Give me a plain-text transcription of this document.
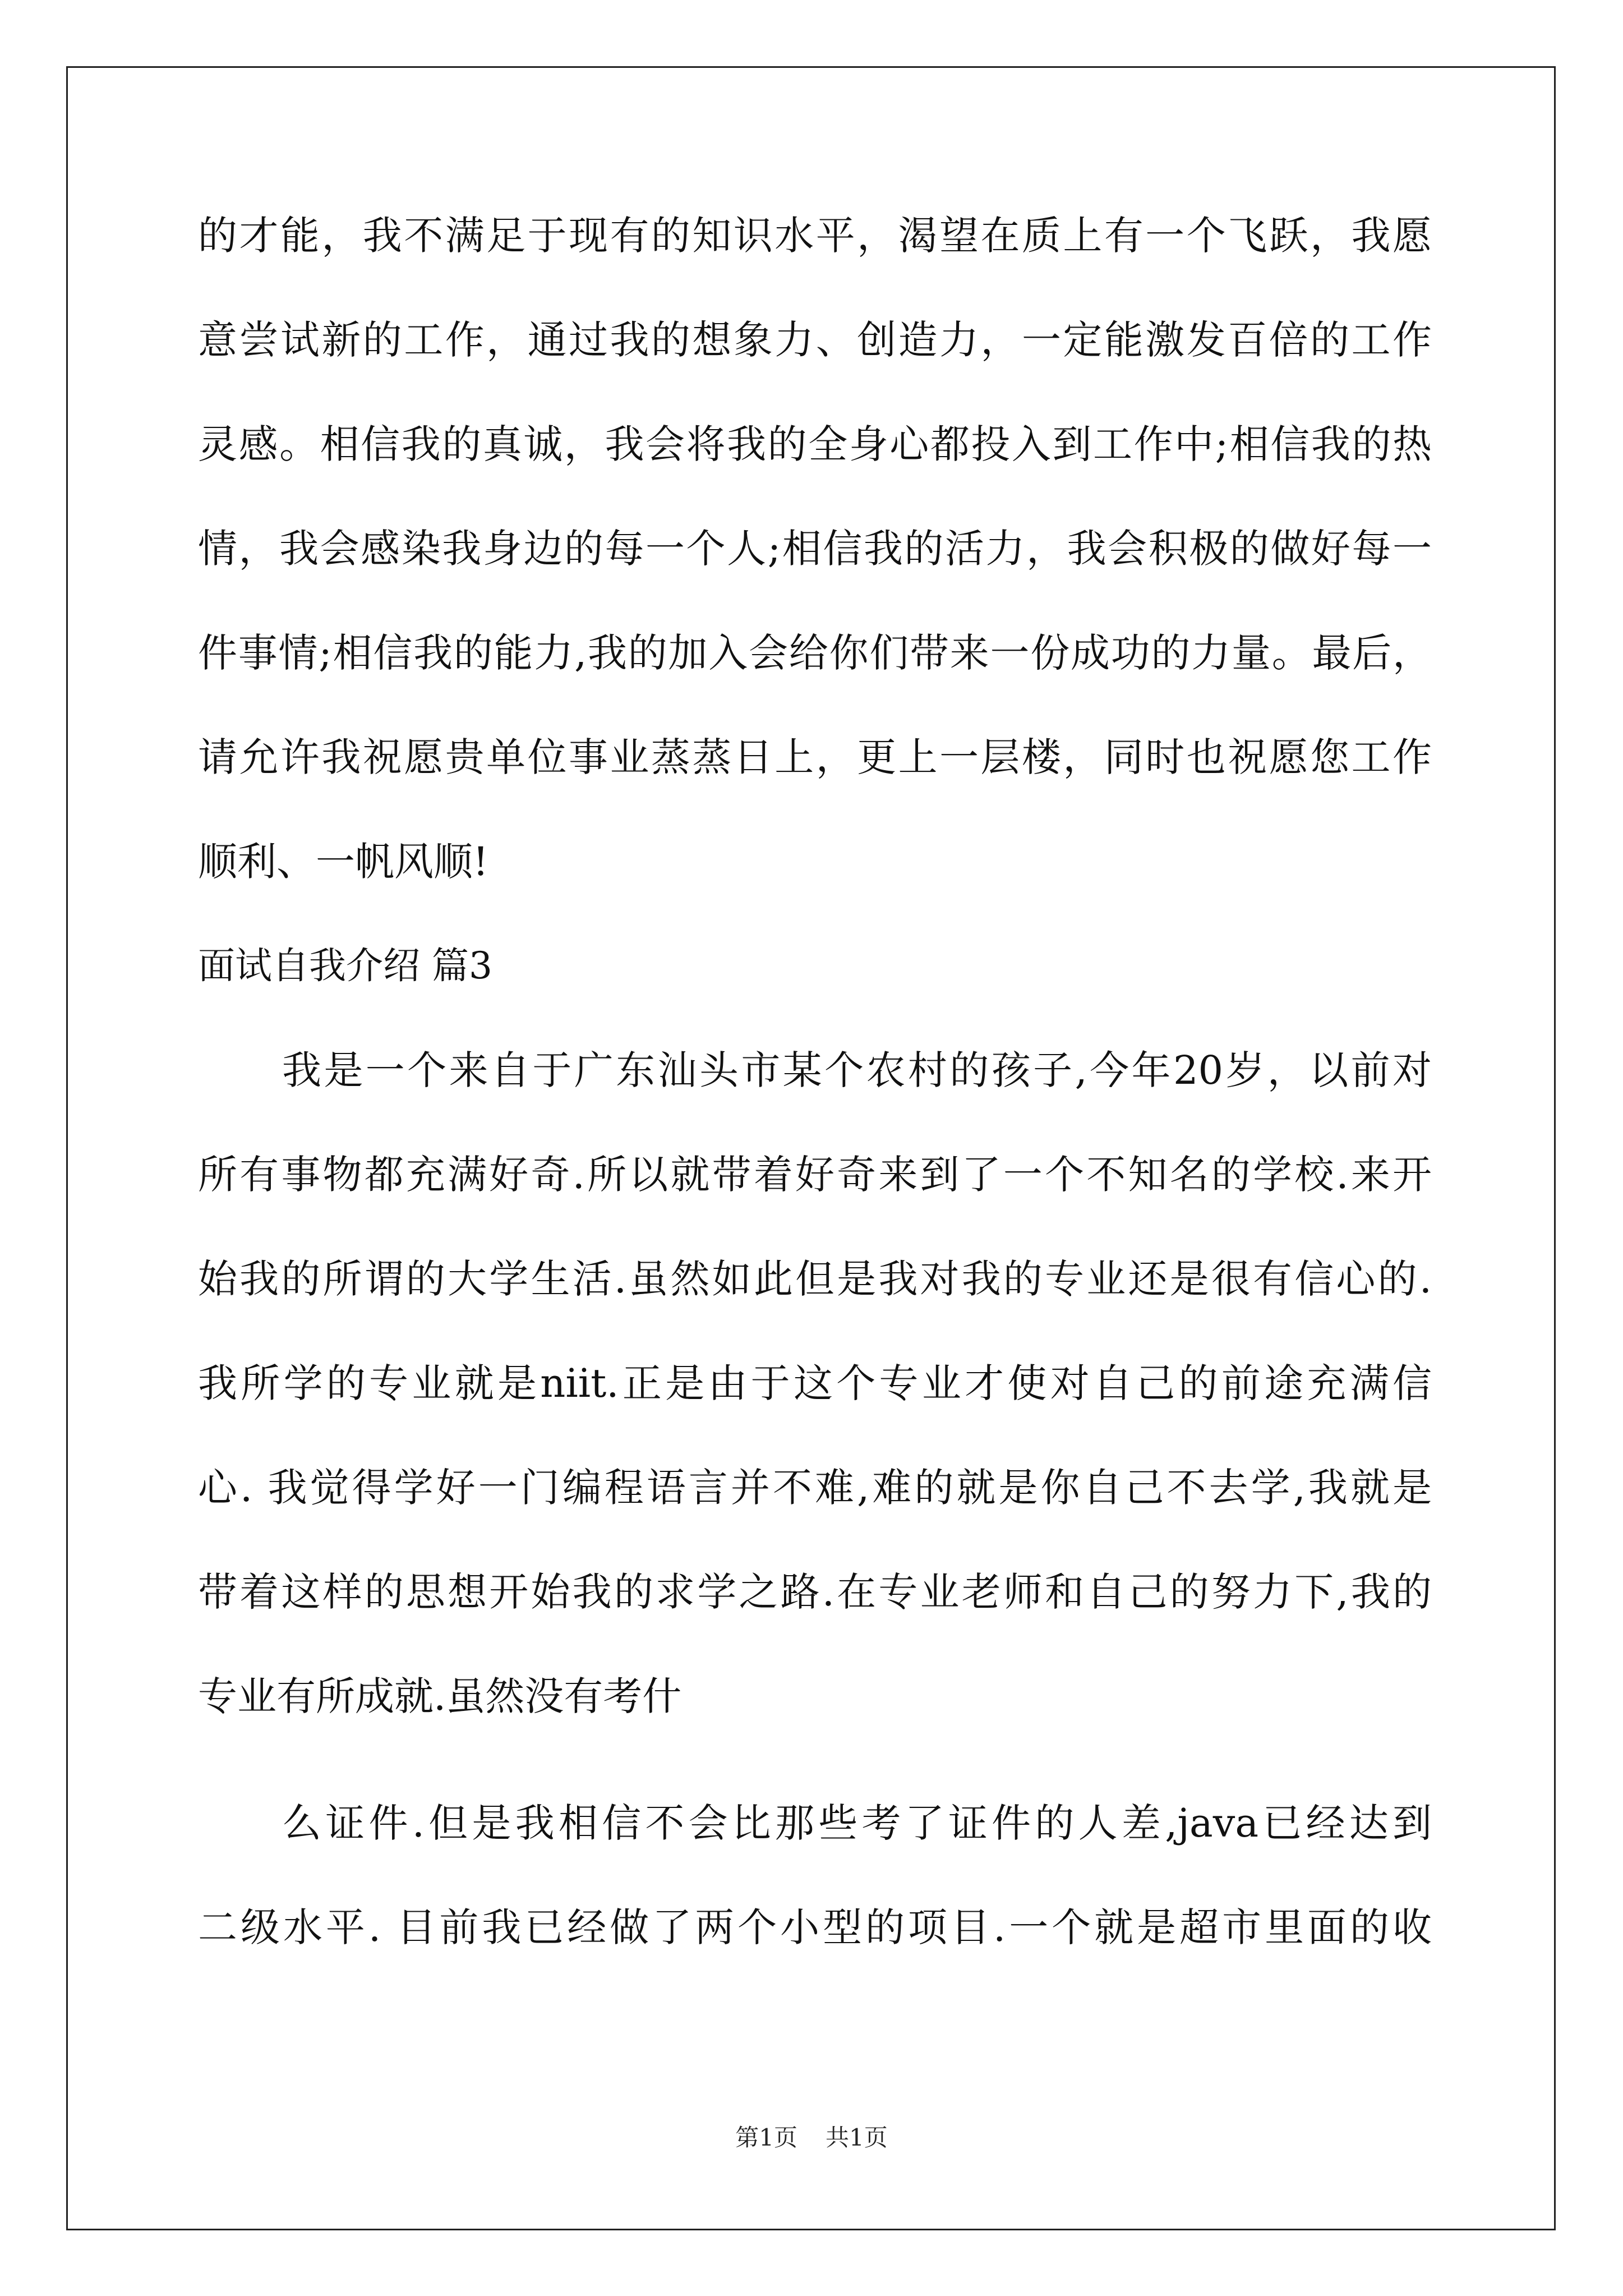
的才能，我不满足于现有的知识水平，渴望在质上有一个飞跃，我愿
意尝试新的工作，通过我的想象力、创造力，一定能激发百倍的工作
灵感。相信我的真诚，我会将我的全身心都投入到工作中;相信我的热
情，我会感染我身边的每一个人;相信我的活力，我会积极的做好每一
件事情;相信我的能力,我的加入会给你们带来一份成功的力量。最后，
请允许我祝愿贵单位事业蒸蒸日上，更上一层楼，同时也祝愿您工作
顺利、一帆风顺!
面试自我介绍 篇3
我是一个来自于广东汕头市某个农村的孩子,今年20岁，以前对
所有事物都充满好奇.所以就带着好奇来到了一个不知名的学校.来开
始我的所谓的大学生活.虽然如此但是我对我的专业还是很有信心的.
我所学的专业就是niit.正是由于这个专业才使对自己的前途充满信
心. 我觉得学好一门编程语言并不难,难的就是你自己不去学,我就是
带着这样的思想开始我的求学之路.在专业老师和自己的努力下,我的
专业有所成就.虽然没有考什
么证件.但是我相信不会比那些考了证件的人差,java已经达到
二级水平. 目前我已经做了两个小型的项目.一个就是超市里面的收
第1页 共1页
